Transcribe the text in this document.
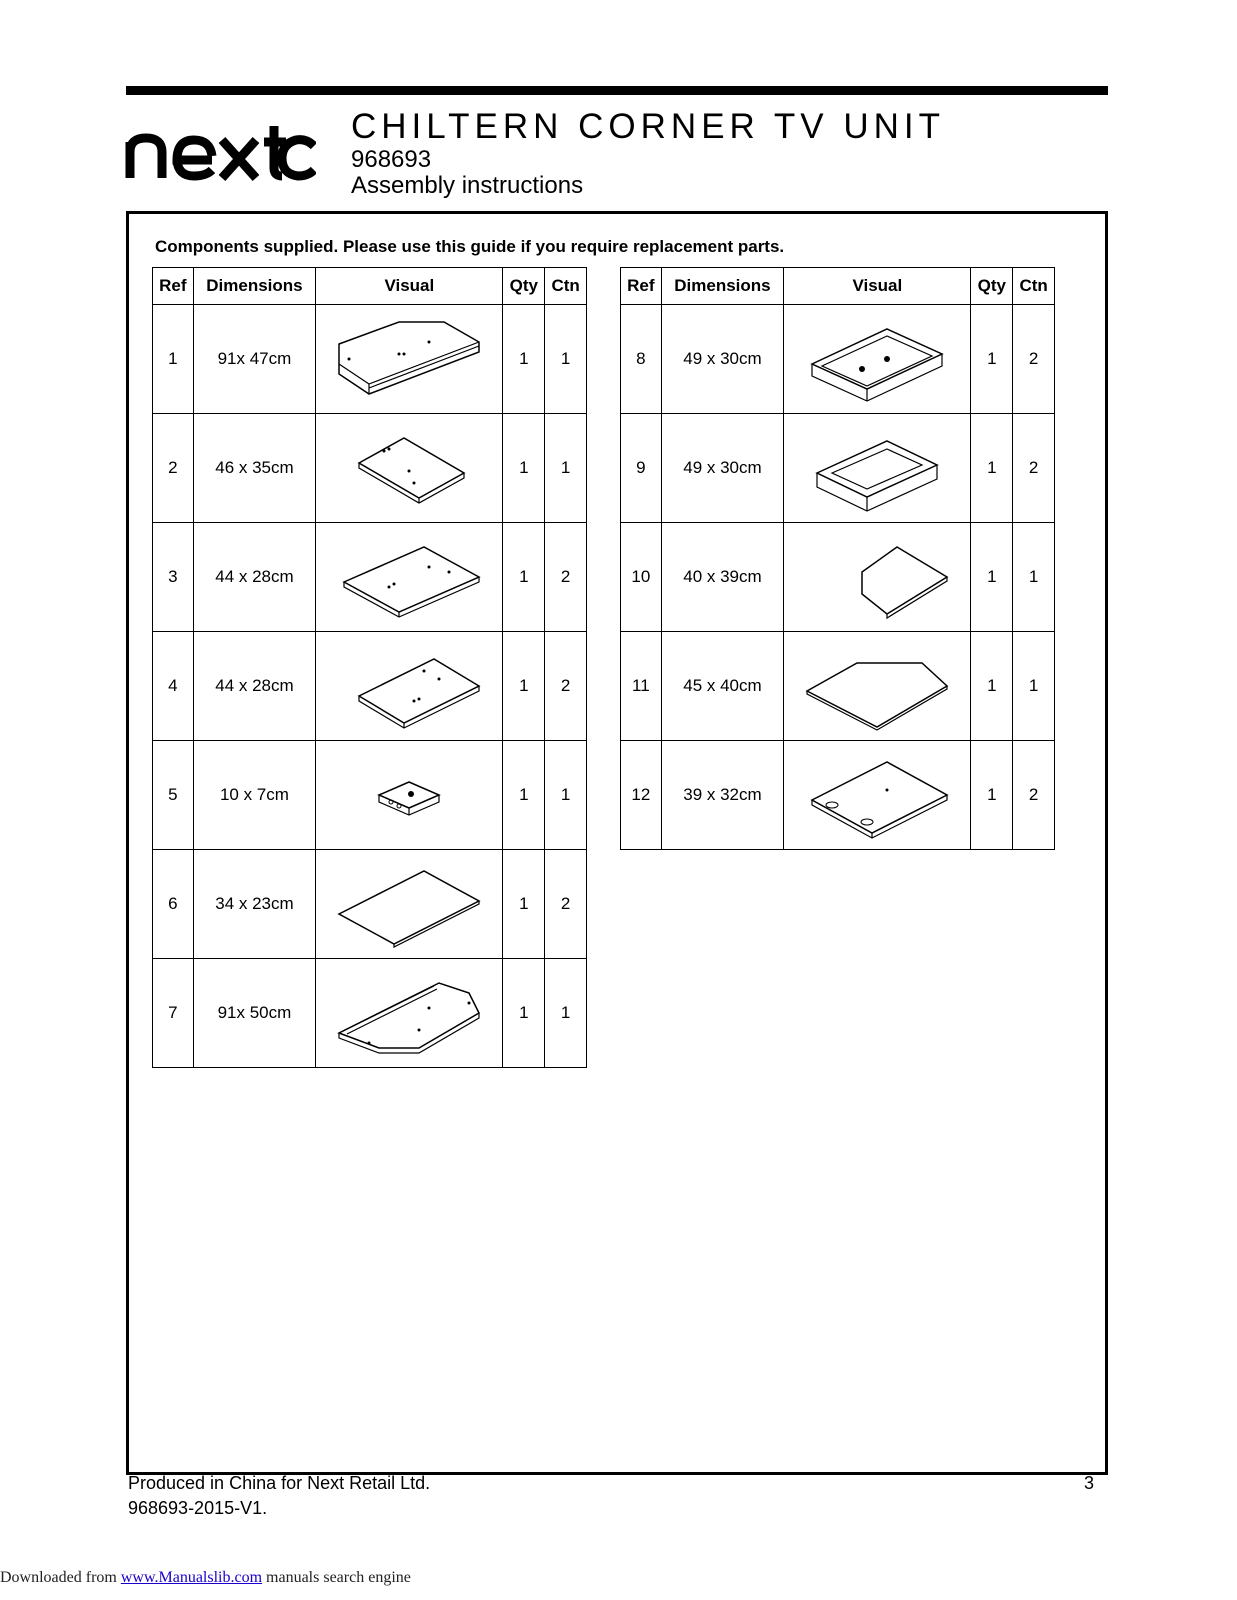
CHILTERN CORNER TV UNIT
968693
Assembly instructions
Components supplied. Please use this guide if you require replacement parts.
Ref	Dimensions	Visual	Qty	Ctn
1	91x 47cm		1	1
2	46 x 35cm		1	1
3	44 x 28cm		1	2
4	44 x 28cm		1	2
5	10 x 7cm		1	1
6	34 x 23cm		1	2
7	91x 50cm		1	1
Ref	Dimensions	Visual	Qty	Ctn
8	49 x 30cm		1	2
9	49 x 30cm		1	2
10	40 x 39cm		1	1
11	45 x 40cm		1	1
12	39 x 32cm		1	2
Produced in China for Next Retail Ltd.
968693-2015-V1.
3
Downloaded from www.Manualslib.com manuals search engine
